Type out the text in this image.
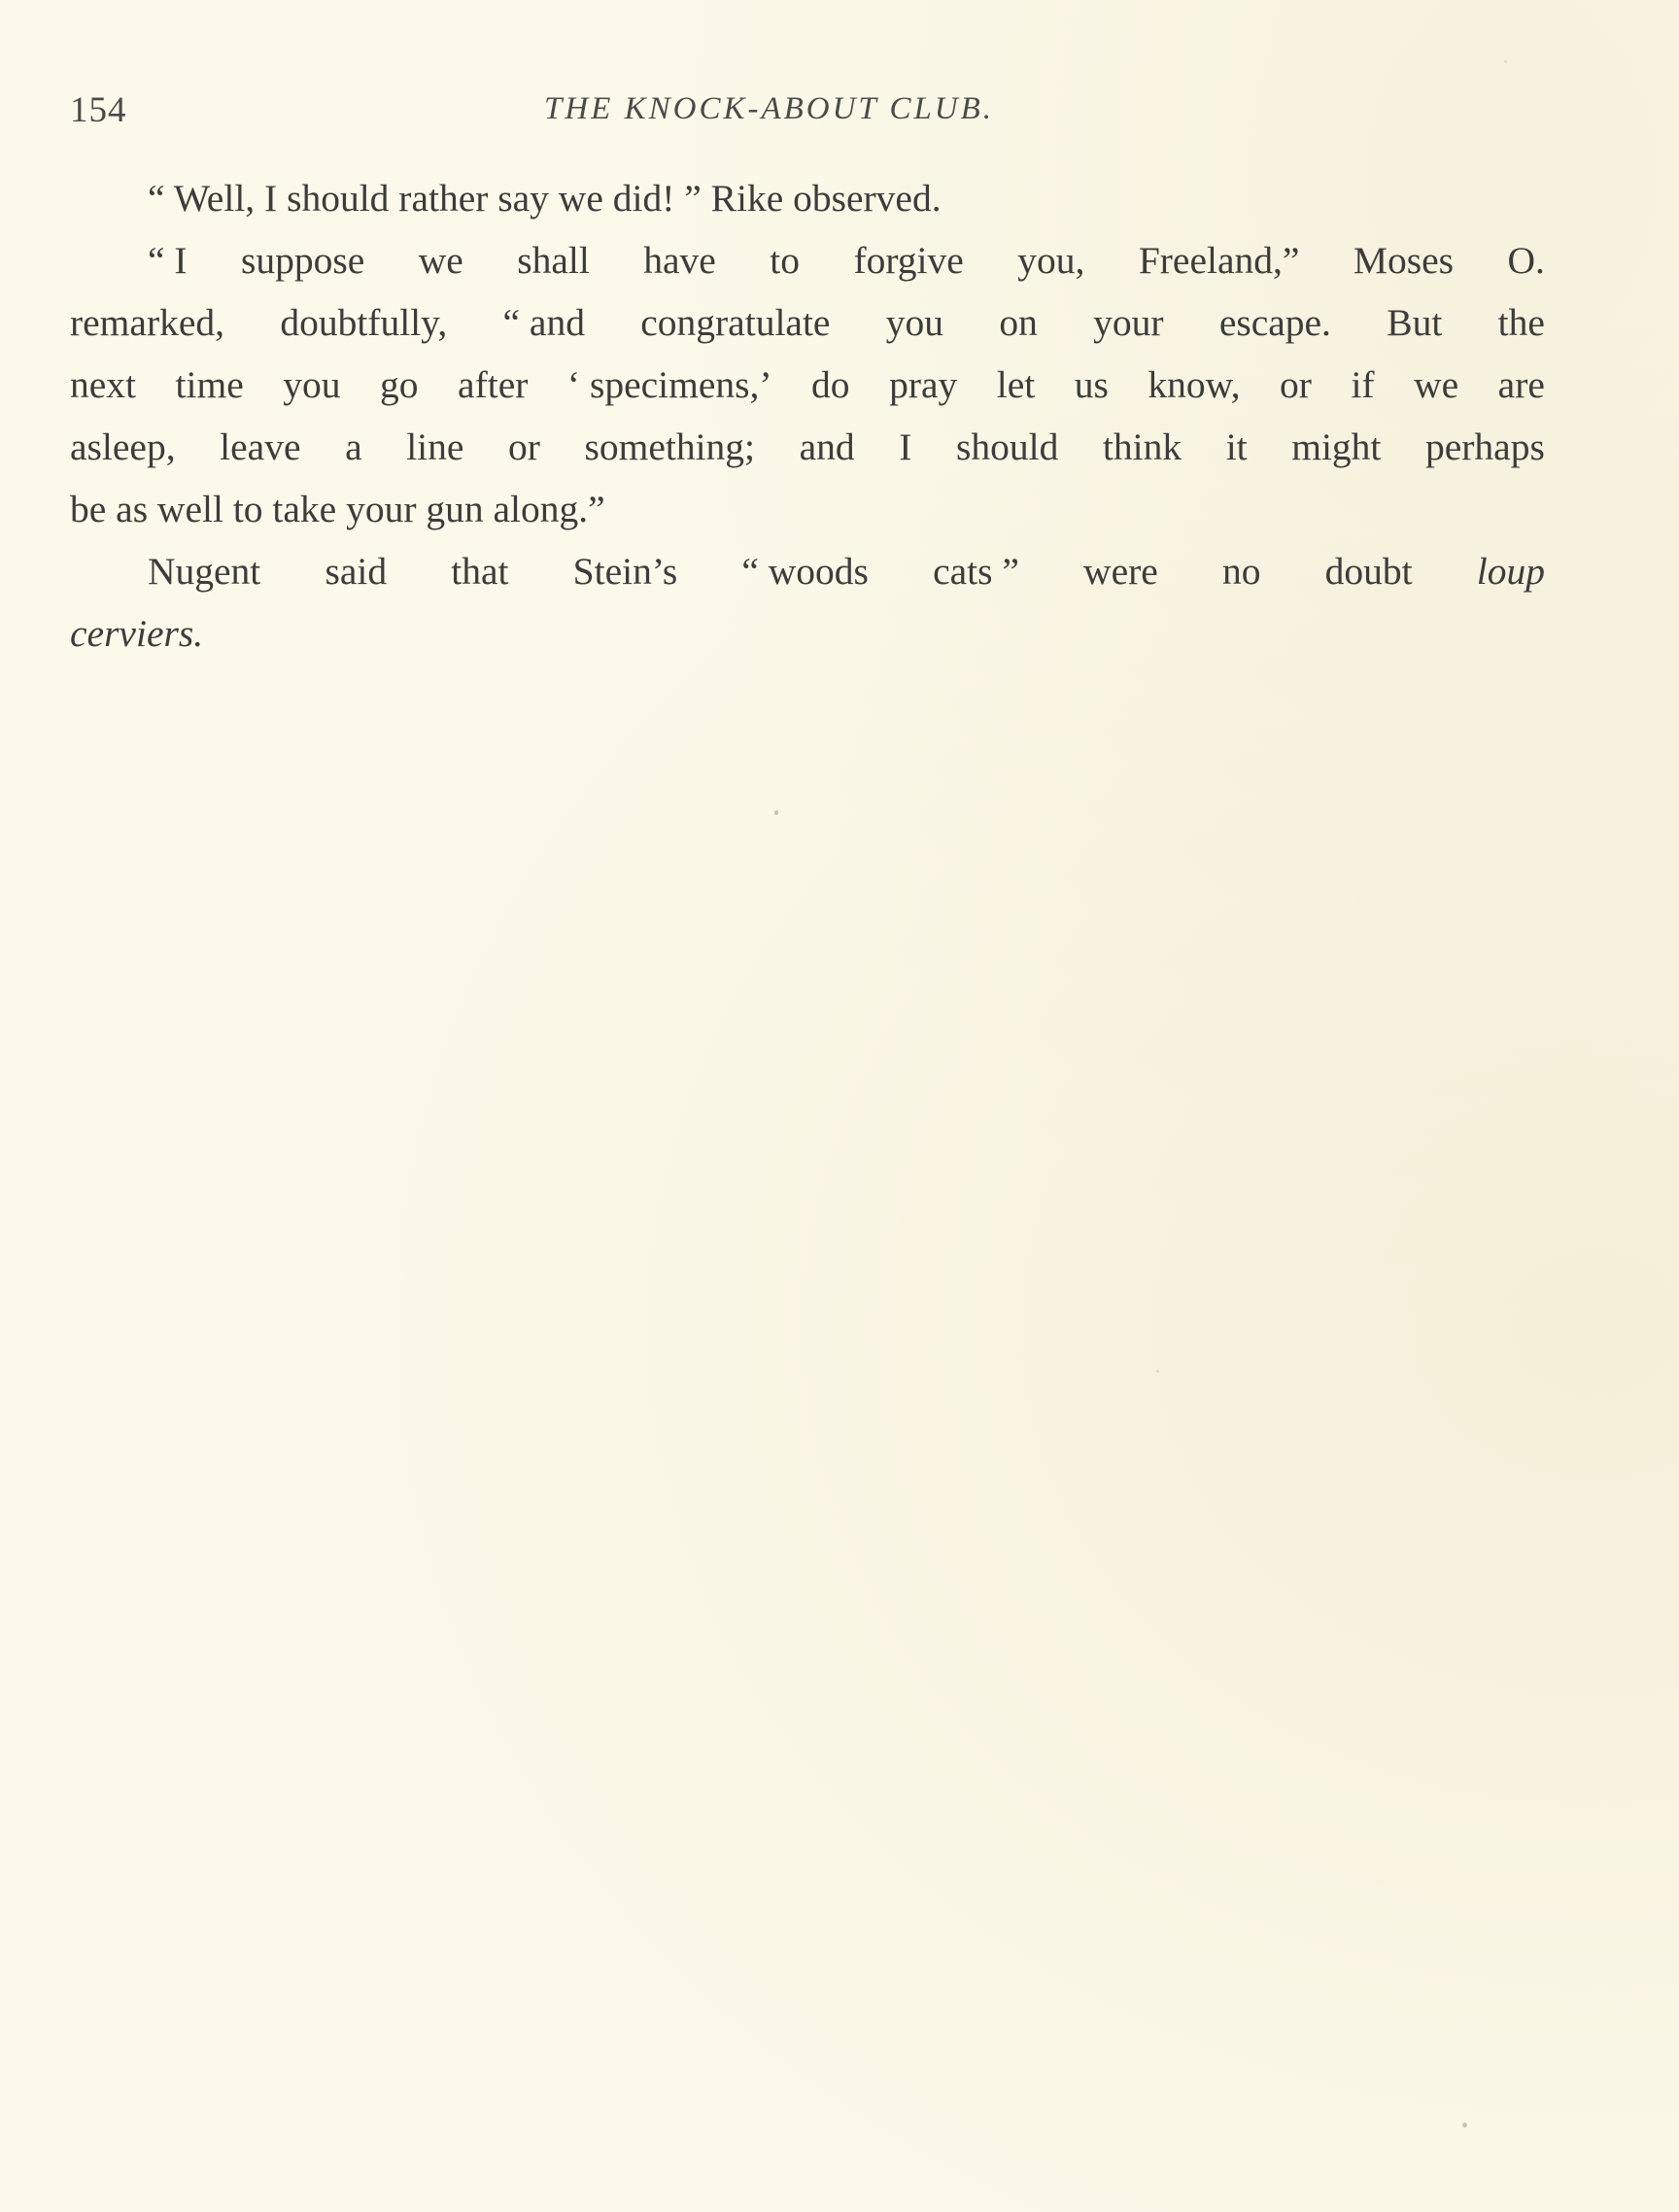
154	THE KNOCK-ABOUT CLUB.
“ Well, I should rather say we did! ” Rike observed.
“ I suppose we shall have to forgive you, Freeland,” Moses O.
remarked, doubtfully, “ and congratulate you on your escape. But the
next time you go after ‘ specimens,’ do pray let us know, or if we are
asleep, leave a line or something; and I should think it might perhaps
be as well to take your gun along.”
Nugent said that Stein’s “ woods cats ” were no doubt loup
cerviers.
